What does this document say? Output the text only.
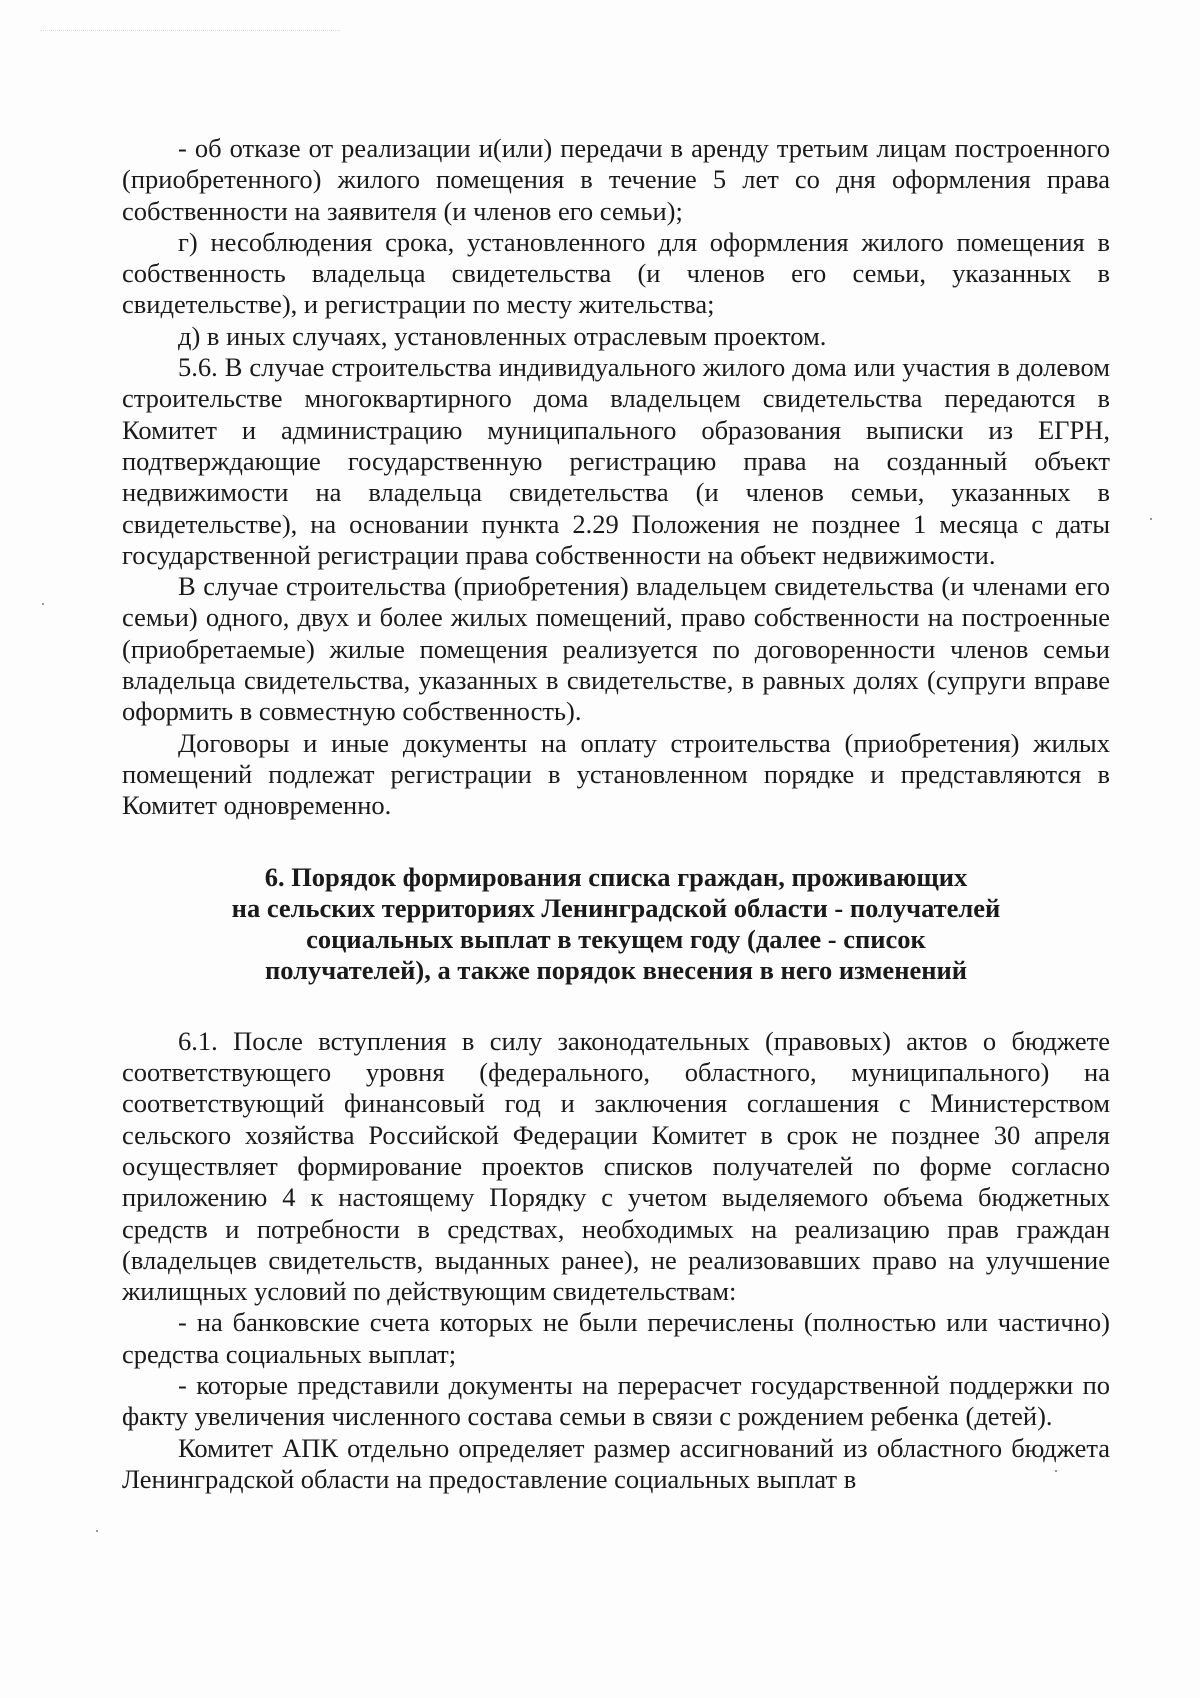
- об отказе от реализации и(или) передачи в аренду третьим лицам построенного (приобретенного) жилого помещения в течение 5 лет со дня оформления права собственности на заявителя (и членов его семьи);

г) несоблюдения срока, установленного для оформления жилого помещения в собственность владельца свидетельства (и членов его семьи, указанных в свидетельстве), и регистрации по месту жительства;

д) в иных случаях, установленных отраслевым проектом.

5.6. В случае строительства индивидуального жилого дома или участия в долевом строительстве многоквартирного дома владельцем свидетельства передаются в Комитет и администрацию муниципального образования выписки из ЕГРН, подтверждающие государственную регистрацию права на созданный объект недвижимости на владельца свидетельства (и членов семьи, указанных в свидетельстве), на основании пункта 2.29 Положения не позднее 1 месяца с даты государственной регистрации права собственности на объект недвижимости.

В случае строительства (приобретения) владельцем свидетельства (и членами его семьи) одного, двух и более жилых помещений, право собственности на построенные (приобретаемые) жилые помещения реализуется по договоренности членов семьи владельца свидетельства, указанных в свидетельстве, в равных долях (супруги вправе оформить в совместную собственность).

Договоры и иные документы на оплату строительства (приобретения) жилых помещений подлежат регистрации в установленном порядке и представляются в Комитет одновременно.

6. Порядок формирования списка граждан, проживающих
на сельских территориях Ленинградской области - получателей
социальных выплат в текущем году (далее - список
получателей), а также порядок внесения в него изменений

6.1. После вступления в силу законодательных (правовых) актов о бюджете соответствующего уровня (федерального, областного, муниципального) на соответствующий финансовый год и заключения соглашения с Министерством сельского хозяйства Российской Федерации Комитет в срок не позднее 30 апреля осуществляет формирование проектов списков получателей по форме согласно приложению 4 к настоящему Порядку с учетом выделяемого объема бюджетных средств и потребности в средствах, необходимых на реализацию прав граждан (владельцев свидетельств, выданных ранее), не реализовавших право на улучшение жилищных условий по действующим свидетельствам:

- на банковские счета которых не были перечислены (полностью или частично) средства социальных выплат;

- которые представили документы на перерасчет государственной поддержки по факту увеличения численного состава семьи в связи с рождением ребенка (детей).

Комитет АПК отдельно определяет размер ассигнований из областного бюджета Ленинградской области на предоставление социальных выплат в
